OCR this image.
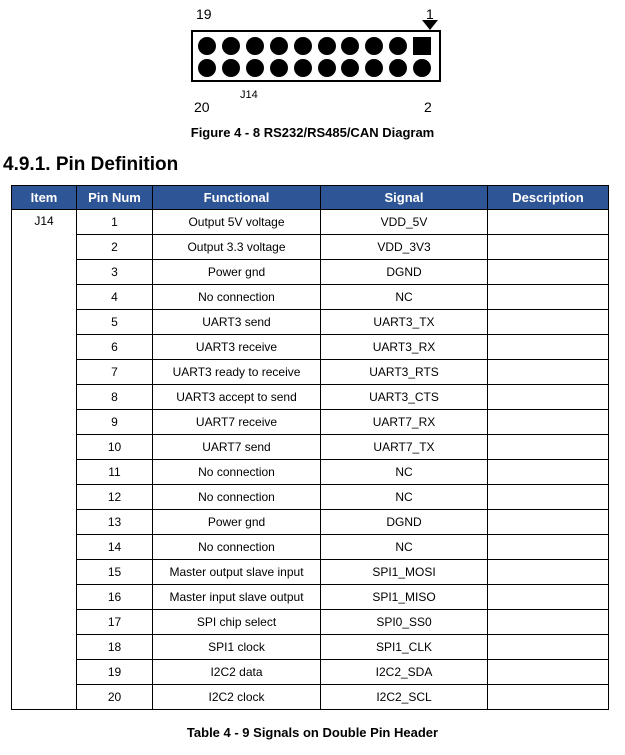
19	1
20	2
J14
Figure 4 - 8 RS232/RS485/CAN Diagram
4.9.1. Pin Definition
Item	Pin Num	Functional	Signal	Description
J14	1	Output 5V voltage	VDD_5V	
	2	Output 3.3 voltage	VDD_3V3	
	3	Power gnd	DGND	
	4	No connection	NC	
	5	UART3 send	UART3_TX	
	6	UART3 receive	UART3_RX	
	7	UART3 ready to receive	UART3_RTS	
	8	UART3 accept to send	UART3_CTS	
	9	UART7 receive	UART7_RX	
	10	UART7 send	UART7_TX	
	11	No connection	NC	
	12	No connection	NC	
	13	Power gnd	DGND	
	14	No connection	NC	
	15	Master output slave input	SPI1_MOSI	
	16	Master input slave output	SPI1_MISO	
	17	SPI chip select	SPI0_SS0	
	18	SPI1 clock	SPI1_CLK	
	19	I2C2 data	I2C2_SDA	
	20	I2C2 clock	I2C2_SCL	
Table 4 - 9 Signals on Double Pin Header
